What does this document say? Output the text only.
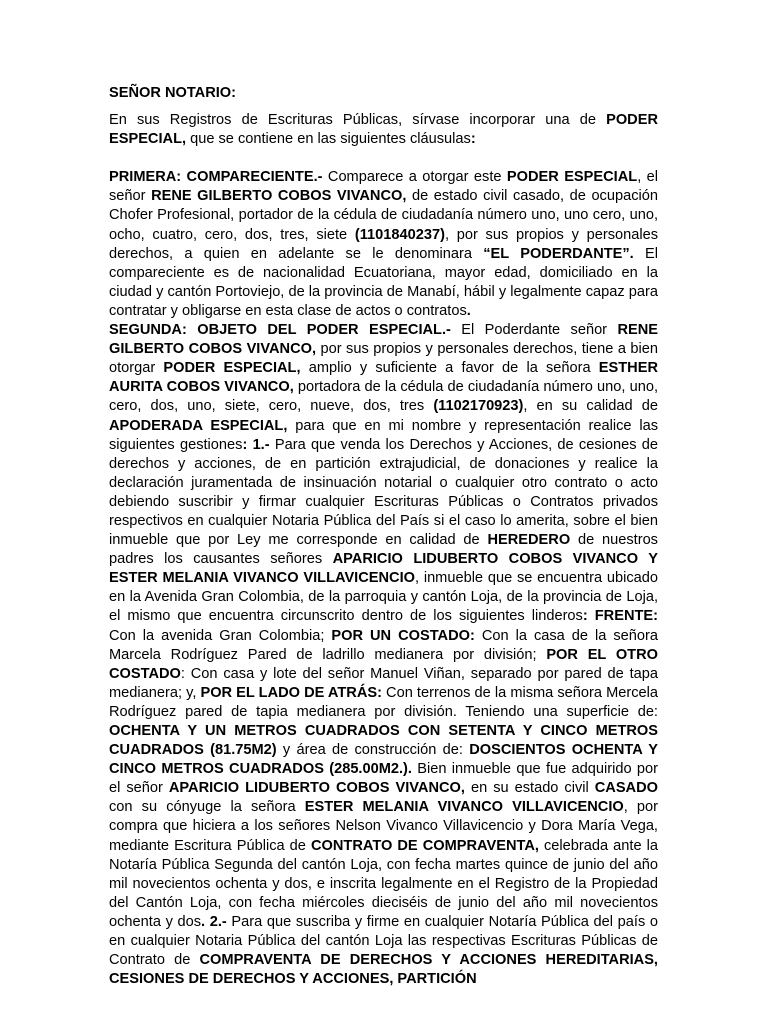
SEÑOR NOTARIO:

En sus Registros de Escrituras Públicas, sírvase incorporar una de PODER ESPECIAL, que se contiene en las siguientes cláusulas:

PRIMERA: COMPARECIENTE.- Comparece a otorgar este PODER ESPECIAL, el señor RENE GILBERTO COBOS VIVANCO, de estado civil casado, de ocupación Chofer Profesional, portador de la cédula de ciudadanía número uno, uno cero, uno, ocho, cuatro, cero, dos, tres, siete (1101840237), por sus propios y personales derechos, a quien en adelante se le denominara “EL PODERDANTE”. El compareciente es de nacionalidad Ecuatoriana, mayor edad, domiciliado en la ciudad y cantón Portoviejo, de la provincia de Manabí, hábil y legalmente capaz para contratar y obligarse en esta clase de actos o contratos.

SEGUNDA: OBJETO DEL PODER ESPECIAL.- El Poderdante señor RENE GILBERTO COBOS VIVANCO, por sus propios y personales derechos, tiene a bien otorgar PODER ESPECIAL, amplio y suficiente a favor de la señora ESTHER AURITA COBOS VIVANCO, portadora de la cédula de ciudadanía número uno, uno, cero, dos, uno, siete, cero, nueve, dos, tres (1102170923), en su calidad de APODERADA ESPECIAL, para que en mi nombre y representación realice las siguientes gestiones: 1.- Para que venda los Derechos y Acciones, de cesiones de derechos y acciones, de en partición extrajudicial, de donaciones y realice la declaración juramentada de insinuación notarial o cualquier otro contrato o acto debiendo suscribir y firmar cualquier Escrituras Públicas o Contratos privados respectivos en cualquier Notaria Pública del País si el caso lo amerita, sobre el bien inmueble que por Ley me corresponde en calidad de HEREDERO de nuestros padres los causantes señores APARICIO LIDUBERTO COBOS VIVANCO Y ESTER MELANIA VIVANCO VILLAVICENCIO, inmueble que se encuentra ubicado en la Avenida Gran Colombia, de la parroquia y cantón Loja, de la provincia de Loja, el mismo que encuentra circunscrito dentro de los siguientes linderos: FRENTE: Con la avenida Gran Colombia; POR UN COSTADO: Con la casa de la señora Marcela Rodríguez Pared de ladrillo medianera por división; POR EL OTRO COSTADO: Con casa y lote del señor Manuel Viñan, separado por pared de tapa medianera; y, POR EL LADO DE ATRÁS: Con terrenos de la misma señora Mercela Rodríguez pared de tapia medianera por división. Teniendo una superficie de: OCHENTA Y UN METROS CUADRADOS CON SETENTA Y CINCO METROS CUADRADOS (81.75M2) y área de construcción de: DOSCIENTOS OCHENTA Y CINCO METROS CUADRADOS (285.00M2.). Bien inmueble que fue adquirido por el señor APARICIO LIDUBERTO COBOS VIVANCO, en su estado civil CASADO con su cónyuge la señora ESTER MELANIA VIVANCO VILLAVICENCIO, por compra que hiciera a los señores Nelson Vivanco Villavicencio y Dora María Vega, mediante Escritura Pública de CONTRATO DE COMPRAVENTA, celebrada ante la Notaría Pública Segunda del cantón Loja, con fecha martes quince de junio del año mil novecientos ochenta y dos, e inscrita legalmente en el Registro de la Propiedad del Cantón Loja, con fecha miércoles dieciséis de junio del año mil novecientos ochenta y dos. 2.- Para que suscriba y firme en cualquier Notaría Pública del país o en cualquier Notaria Pública del cantón Loja las respectivas Escrituras Públicas de Contrato de COMPRAVENTA DE DERECHOS Y ACCIONES HEREDITARIAS, CESIONES DE DERECHOS Y ACCIONES, PARTICIÓN
